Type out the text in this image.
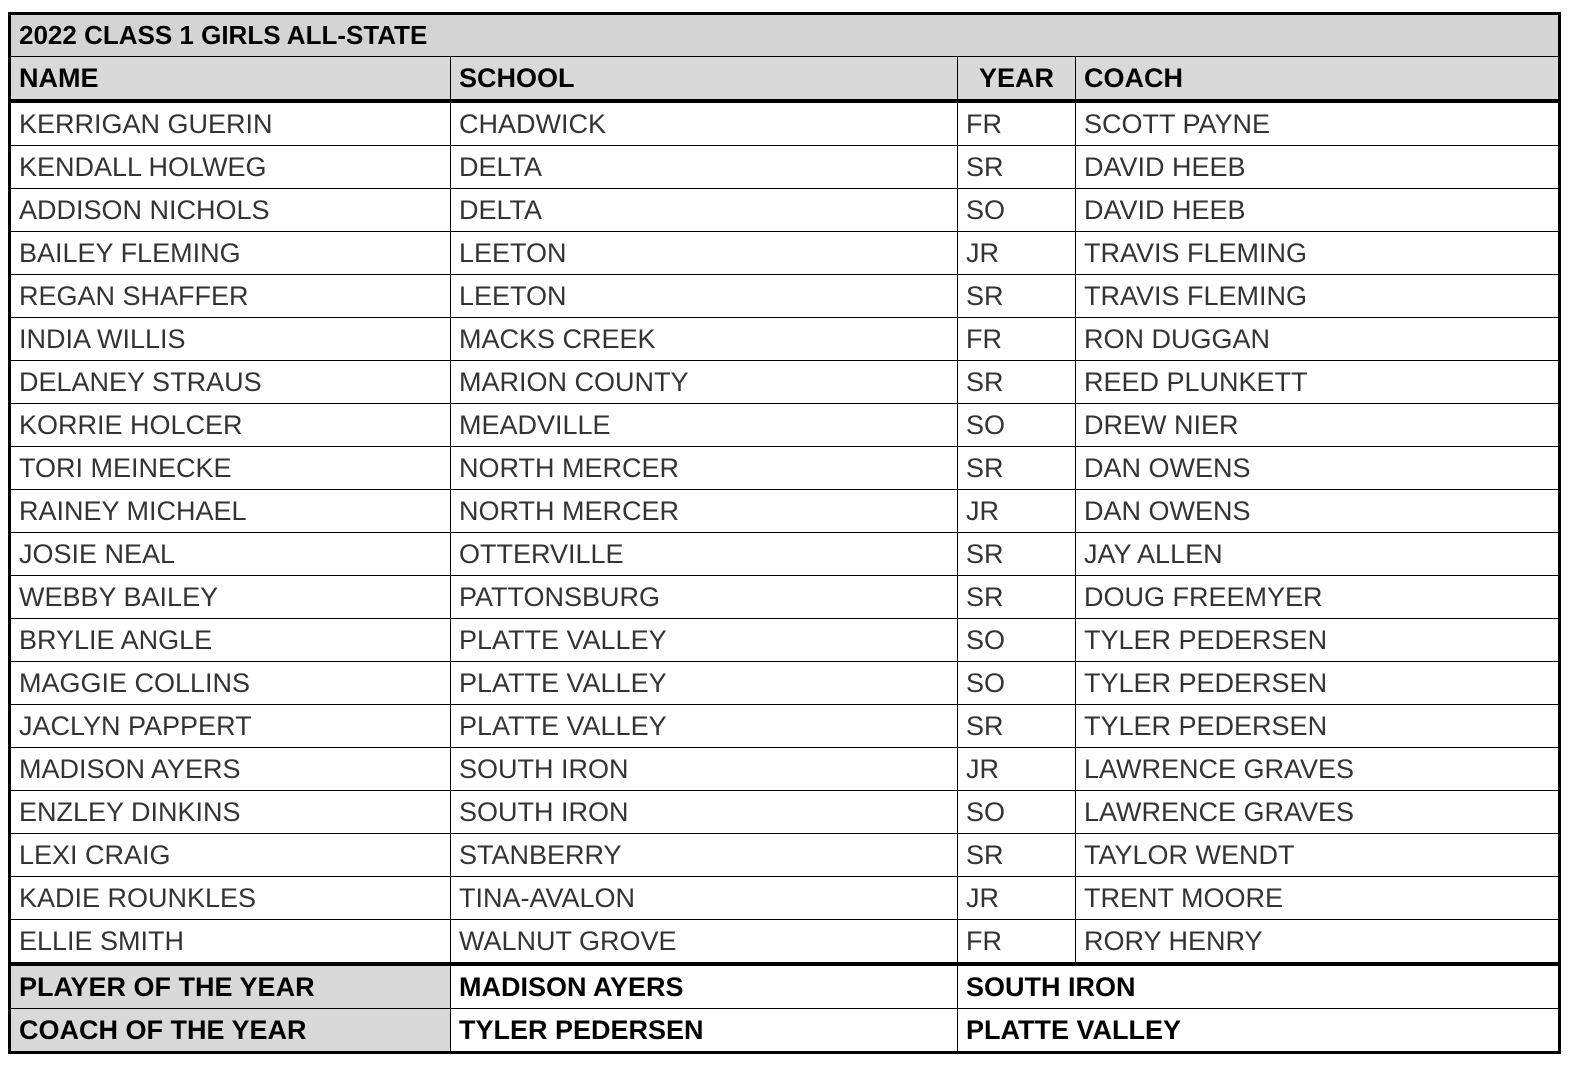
2022 CLASS 1 GIRLS ALL-STATE			
NAME	SCHOOL	YEAR	COACH
KERRIGAN GUERIN	CHADWICK	FR	SCOTT PAYNE
KENDALL HOLWEG	DELTA	SR	DAVID HEEB
ADDISON NICHOLS	DELTA	SO	DAVID HEEB
BAILEY FLEMING	LEETON	JR	TRAVIS FLEMING
REGAN SHAFFER	LEETON	SR	TRAVIS FLEMING
INDIA WILLIS	MACKS CREEK	FR	RON DUGGAN
DELANEY STRAUS	MARION COUNTY	SR	REED PLUNKETT
KORRIE HOLCER	MEADVILLE	SO	DREW NIER
TORI MEINECKE	NORTH MERCER	SR	DAN OWENS
RAINEY MICHAEL	NORTH MERCER	JR	DAN OWENS
JOSIE NEAL	OTTERVILLE	SR	JAY ALLEN
WEBBY BAILEY	PATTONSBURG	SR	DOUG FREEMYER
BRYLIE ANGLE	PLATTE VALLEY	SO	TYLER PEDERSEN
MAGGIE COLLINS	PLATTE VALLEY	SO	TYLER PEDERSEN
JACLYN PAPPERT	PLATTE VALLEY	SR	TYLER PEDERSEN
MADISON AYERS	SOUTH IRON	JR	LAWRENCE GRAVES
ENZLEY DINKINS	SOUTH IRON	SO	LAWRENCE GRAVES
LEXI CRAIG	STANBERRY	SR	TAYLOR WENDT
KADIE ROUNKLES	TINA-AVALON	JR	TRENT MOORE
ELLIE SMITH	WALNUT GROVE	FR	RORY HENRY
PLAYER OF THE YEAR	MADISON AYERS	SOUTH IRON	
COACH OF THE YEAR	TYLER PEDERSEN	PLATTE VALLEY	
